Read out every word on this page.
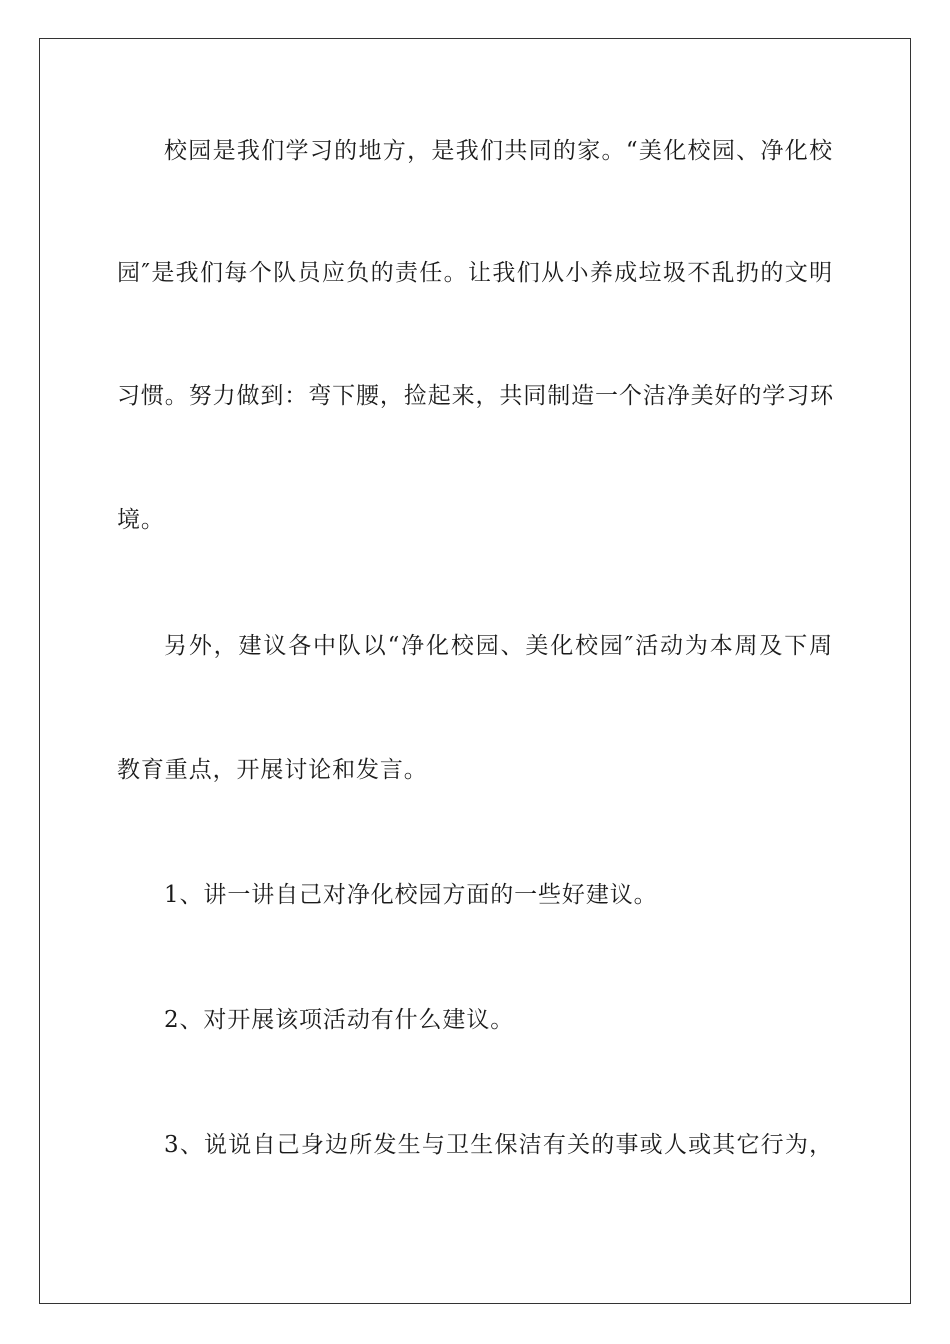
校园是我们学习的地方，是我们共同的家。“美化校园、净化校
园″是我们每个队员应负的责任。让我们从小养成垃圾不乱扔的文明
习惯。努力做到：弯下腰，捡起来，共同制造一个洁净美好的学习环
境。
另外，建议各中队以“净化校园、美化校园″活动为本周及下周
教育重点，开展讨论和发言。
1、讲一讲自己对净化校园方面的一些好建议。
2、对开展该项活动有什么建议。
3、说说自己身边所发生与卫生保洁有关的事或人或其它行为，
